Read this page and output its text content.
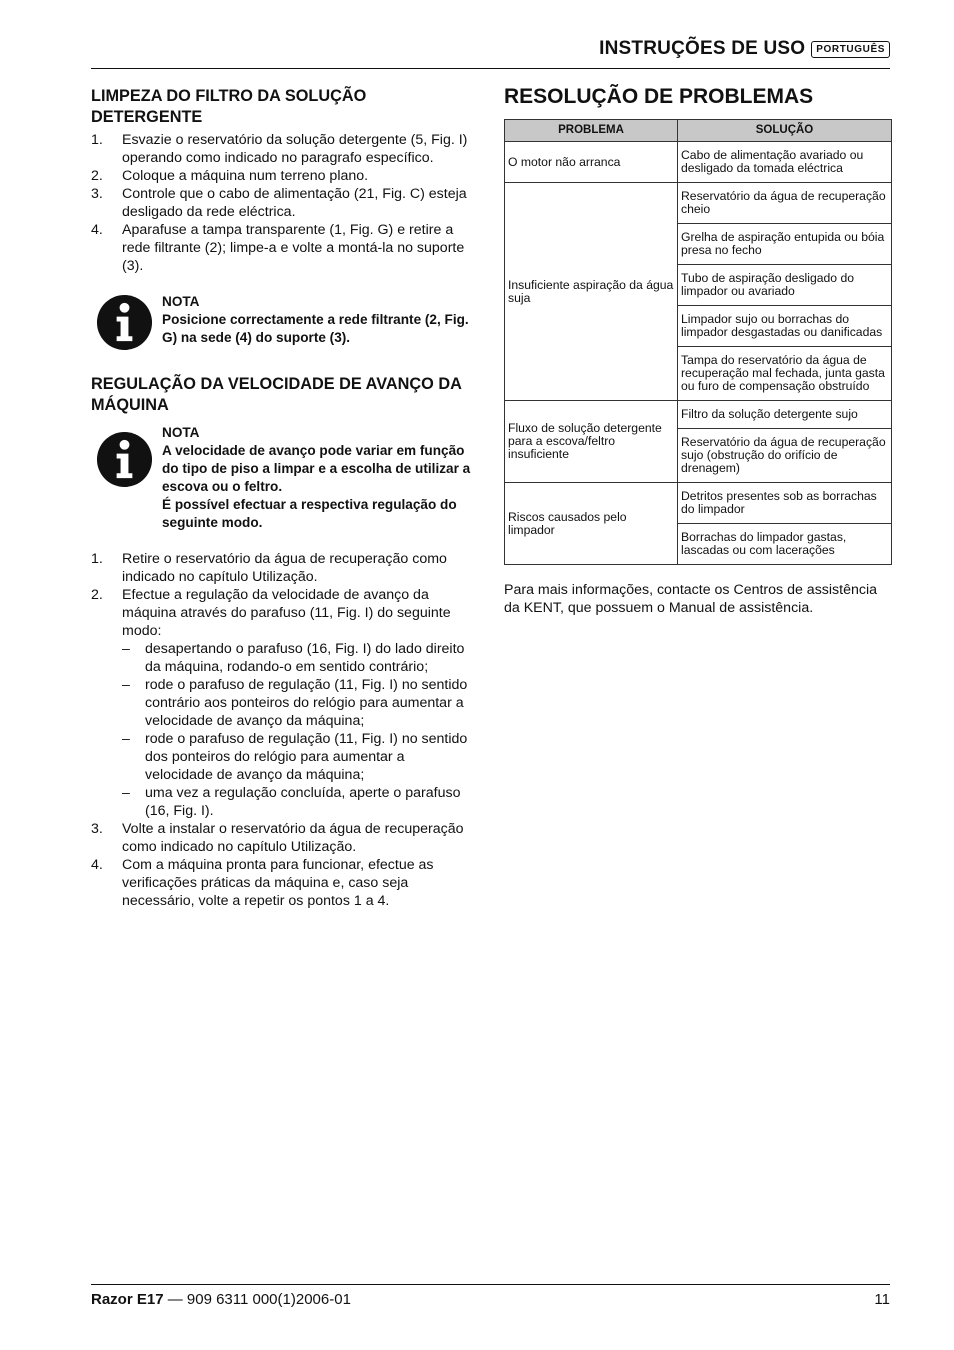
INSTRUÇÕES DE USO	PORTUGUÊS
LIMPEZA DO FILTRO DA SOLUÇÃO DETERGENTE
1. Esvazie o reservatório da solução detergente (5, Fig. I) operando como indicado no paragrafo específico.
2. Coloque a máquina num terreno plano.
3. Controle que o cabo de alimentação (21, Fig. C) esteja desligado da rede eléctrica.
4. Aparafuse a tampa transparente (1, Fig. G) e retire a rede filtrante (2); limpe-a e volte a montá-la no suporte (3).
NOTA
Posicione correctamente a rede filtrante (2, Fig. G) na sede (4) do suporte (3).
REGULAÇÃO DA VELOCIDADE DE AVANÇO DA MÁQUINA
NOTA
A velocidade de avanço pode variar em função do tipo de piso a limpar e a escolha de utilizar a escova ou o feltro.
É possível efectuar a respectiva regulação do seguinte modo.
1. Retire o reservatório da água de recuperação como indicado no capítulo Utilização.
2. Efectue a regulação da velocidade de avanço da máquina através do parafuso (11, Fig. I) do seguinte modo:
– desapertando o parafuso (16, Fig. I) do lado direito da máquina, rodando-o em sentido contrário;
– rode o parafuso de regulação (11, Fig. I) no sentido contrário aos ponteiros do relógio para aumentar a velocidade de avanço da máquina;
– rode o parafuso de regulação (11, Fig. I) no sentido dos ponteiros do relógio para aumentar a velocidade de avanço da máquina;
– uma vez a regulação concluída, aperte o parafuso (16, Fig. I).
3. Volte a instalar o reservatório da água de recuperação como indicado no capítulo Utilização.
4. Com a máquina pronta para funcionar, efectue as verificações práticas da máquina e, caso seja necessário, volte a repetir os pontos 1 a 4.
RESOLUÇÃO DE PROBLEMAS
PROBLEMA	SOLUÇÃO
O motor não arranca	Cabo de alimentação avariado ou desligado da tomada eléctrica
Insuficiente aspiração da água suja	Reservatório da água de recuperação cheio
	Grelha de aspiração entupida ou bóia presa no fecho
	Tubo de aspiração desligado do limpador ou avariado
	Limpador sujo ou borrachas do limpador desgastadas ou danificadas
	Tampa do reservatório da água de recuperação mal fechada, junta gasta ou furo de compensação obstruído
Fluxo de solução detergente para a escova/feltro insuficiente	Filtro da solução detergente sujo
	Reservatório da água de recuperação sujo (obstrução do orifício de drenagem)
Riscos causados pelo limpador	Detritos presentes sob as borrachas do limpador
	Borrachas do limpador gastas, lascadas ou com lacerações
Para mais informações, contacte os Centros de assistência da KENT, que possuem o Manual de assistência.
Razor E17 — 909 6311 000(1)2006-01	11
